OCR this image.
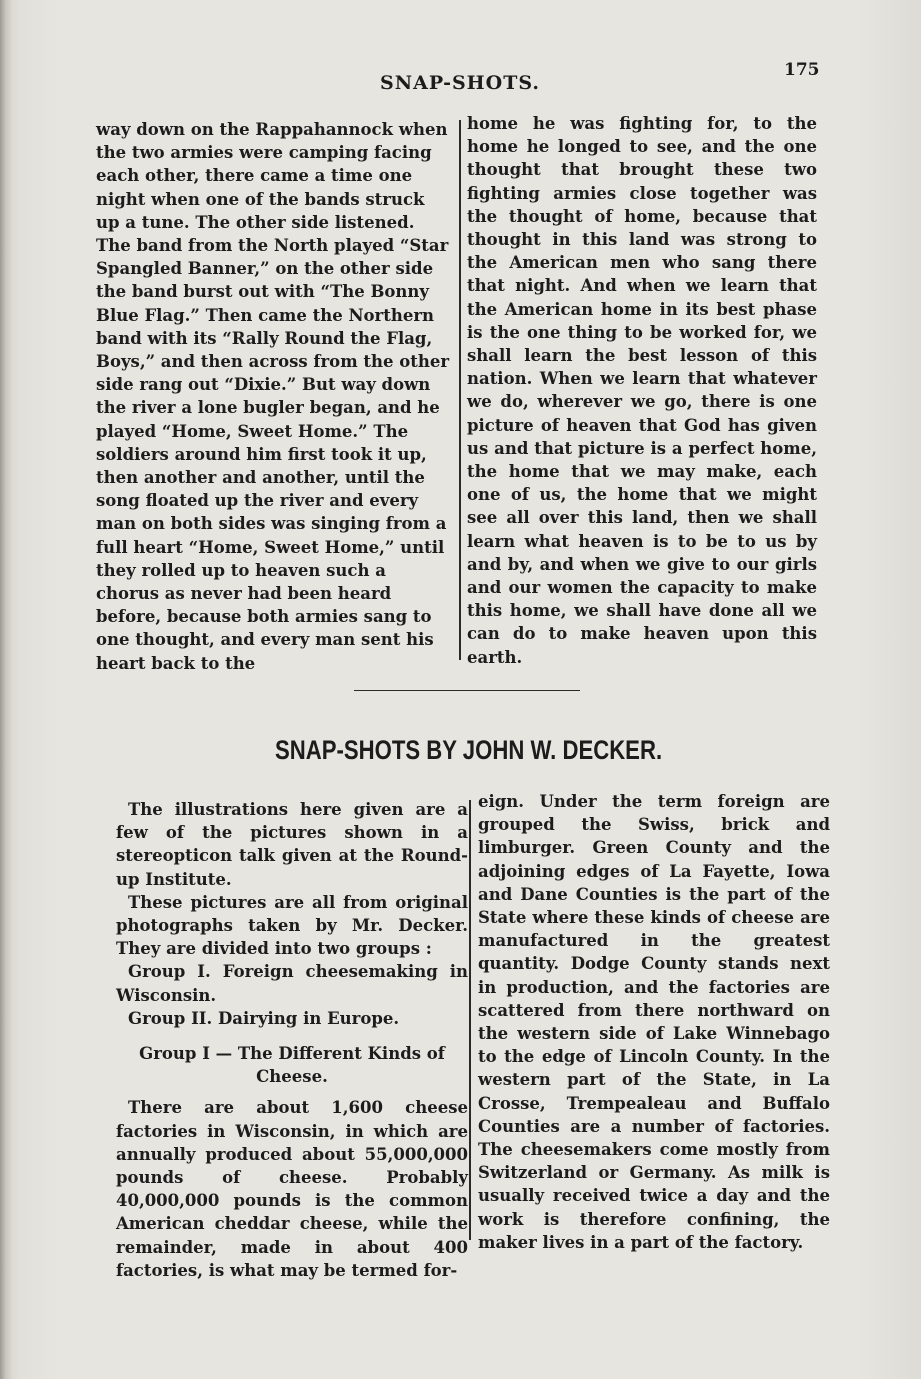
SNAP-SHOTS.
175

way down on the Rappahannock when the two armies were camping facing each other, there came a time one night when one of the bands struck up a tune. The other side listened. The band from the North played “Star Spangled Banner,” on the other side the band burst out with “The Bonny Blue Flag.” Then came the Northern band with its “Rally Round the Flag, Boys,” and then across from the other side rang out “Dixie.” But way down the river a lone bugler began, and he played “Home, Sweet Home.” The soldiers around him first took it up, then another and another, until the song floated up the river and every man on both sides was singing from a full heart “Home, Sweet Home,” until they rolled up to heaven such a chorus as never had been heard before, because both armies sang to one thought, and every man sent his heart back to the

home he was fighting for, to the home he longed to see, and the one thought that brought these two fighting armies close together was the thought of home, because that thought in this land was strong to the American men who sang there that night. And when we learn that the American home in its best phase is the one thing to be worked for, we shall learn the best lesson of this nation. When we learn that whatever we do, wherever we go, there is one picture of heaven that God has given us and that picture is a perfect home, the home that we may make, each one of us, the home that we might see all over this land, then we shall learn what heaven is to be to us by and by, and when we give to our girls and our women the capacity to make this home, we shall have done all we can do to make heaven upon this earth.

SNAP-SHOTS BY JOHN W. DECKER.

The illustrations here given are a few of the pictures shown in a stereopticon talk given at the Round-up Institute.

These pictures are all from original photographs taken by Mr. Decker. They are divided into two groups :

Group I. Foreign cheesemaking in Wisconsin.

Group II. Dairying in Europe.

Group I — The Different Kinds of Cheese.

There are about 1,600 cheese factories in Wisconsin, in which are annually produced about 55,000,000 pounds of cheese. Probably 40,000,000 pounds is the common American cheddar cheese, while the remainder, made in about 400 factories, is what may be termed for-

eign. Under the term foreign are grouped the Swiss, brick and limburger. Green County and the adjoining edges of La Fayette, Iowa and Dane Counties is the part of the State where these kinds of cheese are manufactured in the greatest quantity. Dodge County stands next in production, and the factories are scattered from there northward on the western side of Lake Winnebago to the edge of Lincoln County. In the western part of the State, in La Crosse, Trempealeau and Buffalo Counties are a number of factories. The cheesemakers come mostly from Switzerland or Germany. As milk is usually received twice a day and the work is therefore confining, the maker lives in a part of the factory.
